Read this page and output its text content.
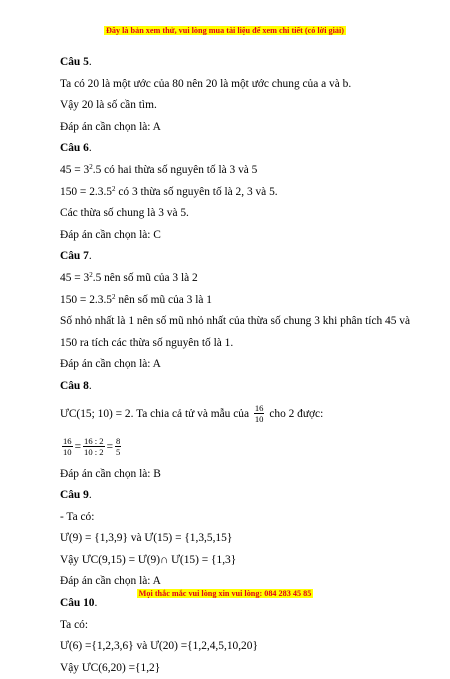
Đây là bản xem thử, vui lòng mua tài liệu để xem chi tiết (có lời giải)
Câu 5.
Ta có 20 là một ước của 80 nên 20 là một ước chung của a và b.
Vậy 20 là số cần tìm.
Đáp án cần chọn là: A
Câu 6.
$45 = 3^2.5$ có hai thừa số nguyên tố là 3 và 5
$150 = 2.3.5^2$ có 3 thừa số nguyên tố là 2, 3 và 5.
Các thừa số chung là 3 và 5.
Đáp án cần chọn là: C
Câu 7.
$45 = 3^2.5$ nên số mũ của 3 là 2
$150 = 2.3.5^2$ nên số mũ của 3 là 1
Số nhỏ nhất là 1 nên số mũ nhỏ nhất của thừa số chung 3 khi phân tích 45 và
150 ra tích các thừa số nguyên tố là 1.
Đáp án cần chọn là: A
Câu 8.
ƯC(15; 10) = 2. Ta chia cả tử và mẫu của $\frac{16}{10}$ cho 2 được:
$\frac{16}{10} = \frac{16 : 2}{10 : 2} = \frac{8}{5}$
Đáp án cần chọn là: B
Câu 9.
- Ta có:
Ư(9) = {1,3,9} và Ư(15) = {1,3,5,15}
Vậy ƯC(9,15) = Ư(9)∩ Ư(15) = {1,3}
Đáp án cần chọn là: A
Câu 10.
Ta có:
Ư(6) ={1,2,3,6} và Ư(20) ={1,2,4,5,10,20}
Vậy ƯC(6,20) ={1,2}
Mọi thắc mắc vui lòng xin vui lòng: 084 283 45 85
